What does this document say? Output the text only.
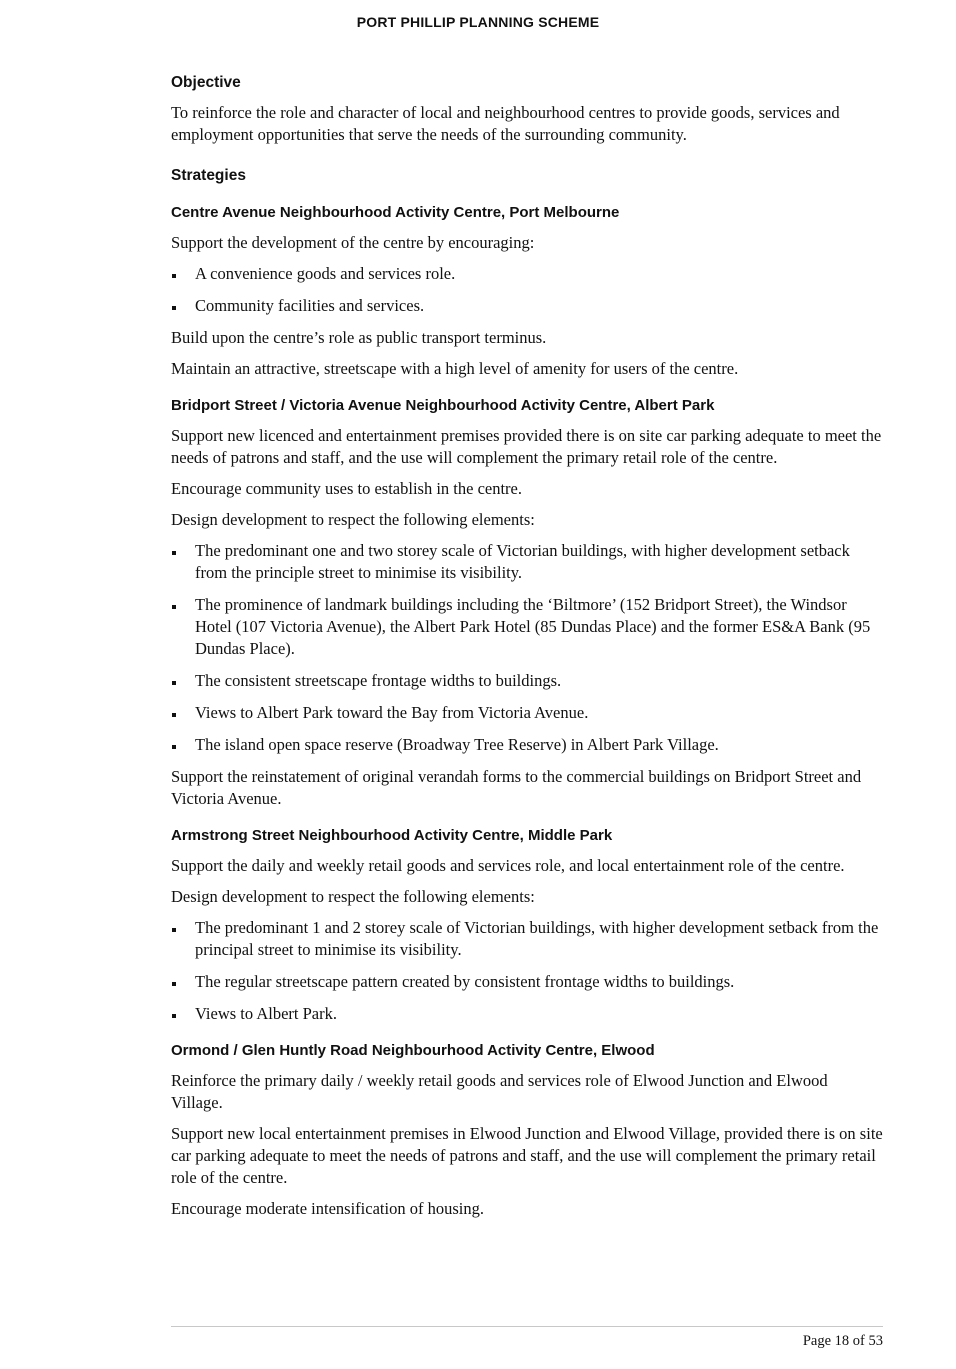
PORT PHILLIP PLANNING SCHEME
Objective

To reinforce the role and character of local and neighbourhood centres to provide goods, services and employment opportunities that serve the needs of the surrounding community.

Strategies
Centre Avenue Neighbourhood Activity Centre, Port Melbourne

Support the development of the centre by encouraging:

A convenience goods and services role.
Community facilities and services.

Build upon the centre’s role as public transport terminus.

Maintain an attractive, streetscape with a high level of amenity for users of the centre.

Bridport Street / Victoria Avenue Neighbourhood Activity Centre, Albert Park

Support new licenced and entertainment premises provided there is on site car parking adequate to meet the needs of patrons and staff, and the use will complement the primary retail role of the centre.

Encourage community uses to establish in the centre.

Design development to respect the following elements:

The predominant one and two storey scale of Victorian buildings, with higher development setback from the principle street to minimise its visibility.
The prominence of landmark buildings including the ‘Biltmore’ (152 Bridport Street), the Windsor Hotel (107 Victoria Avenue), the Albert Park Hotel (85 Dundas Place) and the former ES&A Bank (95 Dundas Place).
The consistent streetscape frontage widths to buildings.
Views to Albert Park toward the Bay from Victoria Avenue.
The island open space reserve (Broadway Tree Reserve) in Albert Park Village.

Support the reinstatement of original verandah forms to the commercial buildings on Bridport Street and Victoria Avenue.

Armstrong Street Neighbourhood Activity Centre, Middle Park

Support the daily and weekly retail goods and services role, and local entertainment role of the centre.

Design development to respect the following elements:

The predominant 1 and 2 storey scale of Victorian buildings, with higher development setback from the principal street to minimise its visibility.
The regular streetscape pattern created by consistent frontage widths to buildings.
Views to Albert Park.
Ormond / Glen Huntly Road Neighbourhood Activity Centre, Elwood

Reinforce the primary daily / weekly retail goods and services role of Elwood Junction and Elwood Village.

Support new local entertainment premises in Elwood Junction and Elwood Village, provided there is on site car parking adequate to meet the needs of patrons and staff, and the use will complement the primary retail role of the centre.

Encourage moderate intensification of housing.

Page 18 of 53
